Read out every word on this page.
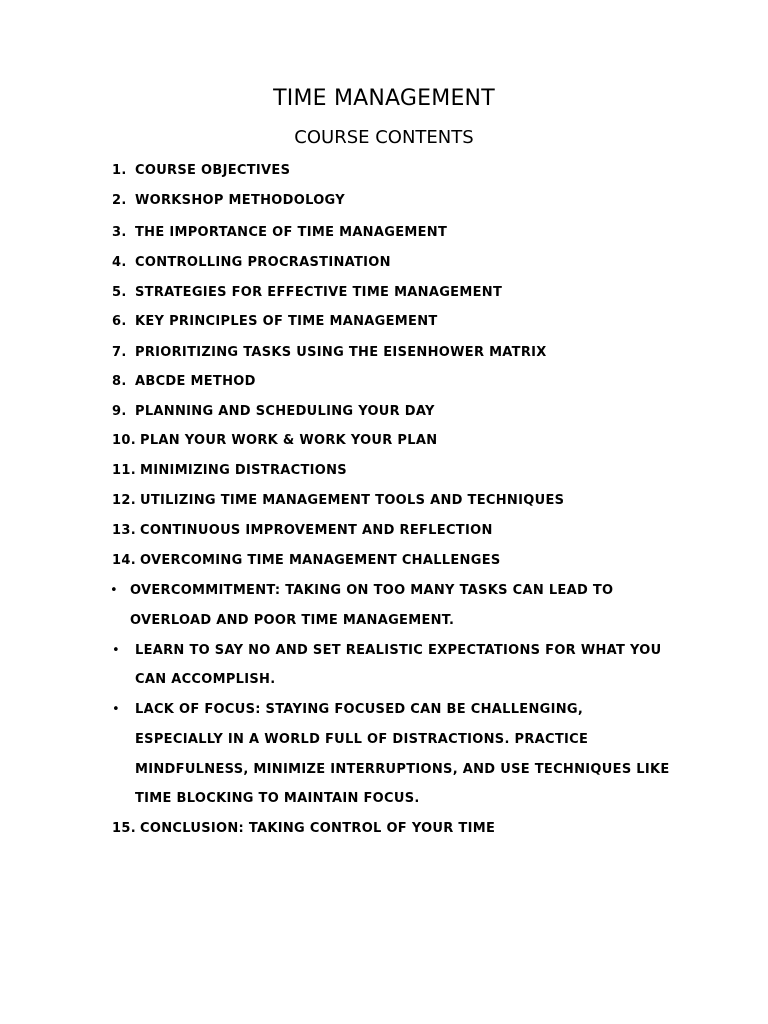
TIME MANAGEMENT
COURSE CONTENTS
1. COURSE OBJECTIVES
2. WORKSHOP METHODOLOGY
3. THE IMPORTANCE OF TIME MANAGEMENT
4. CONTROLLING PROCRASTINATION
5. STRATEGIES FOR EFFECTIVE TIME MANAGEMENT
6. KEY PRINCIPLES OF TIME MANAGEMENT
7. PRIORITIZING TASKS USING THE EISENHOWER MATRIX
8. ABCDE METHOD
9. PLANNING AND SCHEDULING YOUR DAY
10. PLAN YOUR WORK & WORK YOUR PLAN
11. MINIMIZING DISTRACTIONS
12. UTILIZING TIME MANAGEMENT TOOLS AND TECHNIQUES
13. CONTINUOUS IMPROVEMENT AND REFLECTION
14. OVERCOMING TIME MANAGEMENT CHALLENGES
• OVERCOMMITMENT: TAKING ON TOO MANY TASKS CAN LEAD TO
OVERLOAD AND POOR TIME MANAGEMENT.
• LEARN TO SAY NO AND SET REALISTIC EXPECTATIONS FOR WHAT YOU
CAN ACCOMPLISH.
• LACK OF FOCUS: STAYING FOCUSED CAN BE CHALLENGING,
ESPECIALLY IN A WORLD FULL OF DISTRACTIONS. PRACTICE
MINDFULNESS, MINIMIZE INTERRUPTIONS, AND USE TECHNIQUES LIKE
TIME BLOCKING TO MAINTAIN FOCUS.
15. CONCLUSION: TAKING CONTROL OF YOUR TIME
